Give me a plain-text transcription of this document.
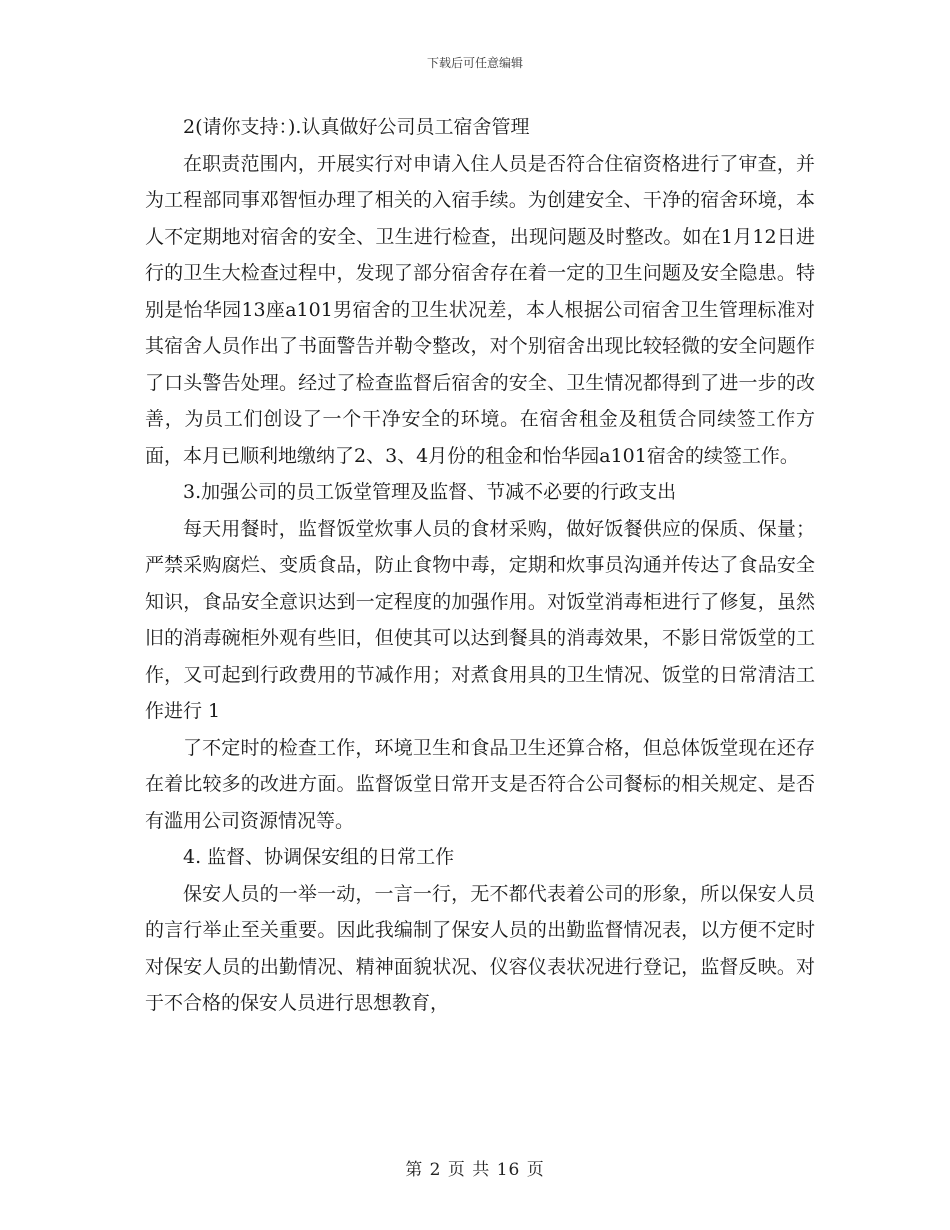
下载后可任意编辑

2(请你支持：).认真做好公司员工宿舍管理

在职责范围内，开展实行对申请入住人员是否符合住宿资格进行了审查，并为工程部同事邓智恒办理了相关的入宿手续。为创建安全、干净的宿舍环境，本人不定期地对宿舍的安全、卫生进行检查，出现问题及时整改。如在1月12日进行的卫生大检查过程中，发现了部分宿舍存在着一定的卫生问题及安全隐患。特别是怡华园13座a101男宿舍的卫生状况差，本人根据公司宿舍卫生管理标准对其宿舍人员作出了书面警告并勒令整改，对个别宿舍出现比较轻微的安全问题作了口头警告处理。经过了检查监督后宿舍的安全、卫生情况都得到了进一步的改善，为员工们创设了一个干净安全的环境。在宿舍租金及租赁合同续签工作方面，本月已顺利地缴纳了2、3、4月份的租金和怡华园a101宿舍的续签工作。

3.加强公司的员工饭堂管理及监督、节减不必要的行政支出

每天用餐时，监督饭堂炊事人员的食材采购，做好饭餐供应的保质、保量；严禁采购腐烂、变质食品，防止食物中毒，定期和炊事员沟通并传达了食品安全知识，食品安全意识达到一定程度的加强作用。对饭堂消毒柜进行了修复，虽然旧的消毒碗柜外观有些旧，但使其可以达到餐具的消毒效果，不影日常饭堂的工作，又可起到行政费用的节减作用；对煮食用具的卫生情况、饭堂的日常清洁工作进行 1

了不定时的检查工作，环境卫生和食品卫生还算合格，但总体饭堂现在还存在着比较多的改进方面。监督饭堂日常开支是否符合公司餐标的相关规定、是否有滥用公司资源情况等。

4. 监督、协调保安组的日常工作

保安人员的一举一动，一言一行，无不都代表着公司的形象，所以保安人员的言行举止至关重要。因此我编制了保安人员的出勤监督情况表，以方便不定时对保安人员的出勤情况、精神面貌状况、仪容仪表状况进行登记，监督反映。对于不合格的保安人员进行思想教育，

第 2 页 共 16 页
